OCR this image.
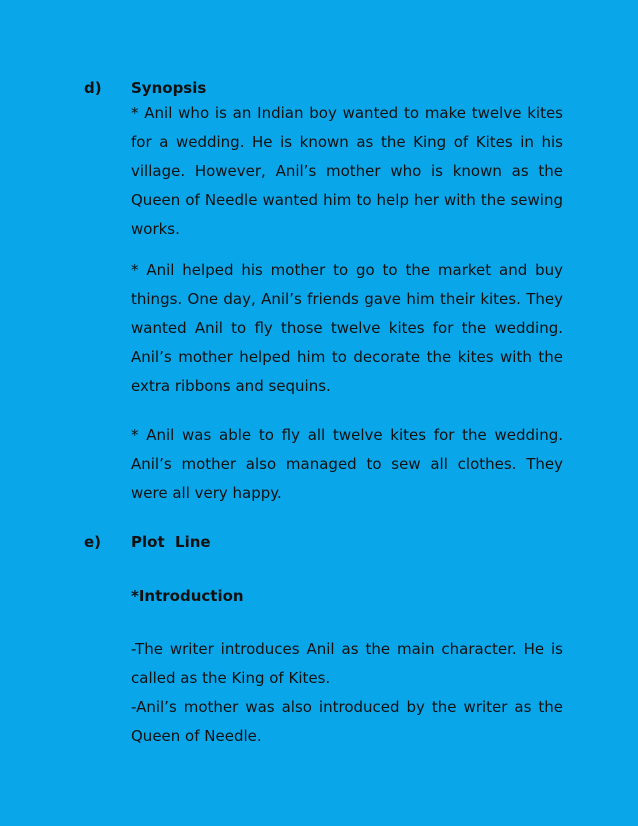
d) Synopsis

* Anil who is an Indian boy wanted to make twelve kites for a wedding. He is known as the King of Kites in his village. However, Anil’s mother who is known as the Queen of Needle wanted him to help her with the sewing works.

* Anil helped his mother to go to the market and buy things. One day, Anil’s friends gave him their kites. They wanted Anil to fly those twelve kites for the wedding. Anil’s mother helped him to decorate the kites with the extra ribbons and sequins.

* Anil was able to fly all twelve kites for the wedding. Anil’s mother also managed to sew all clothes. They were all very happy.

e) Plot  Line
*Introduction

-The writer introduces Anil as the main character. He is called as the King of Kites.

-Anil’s mother was also introduced by the writer as the Queen of Needle.
